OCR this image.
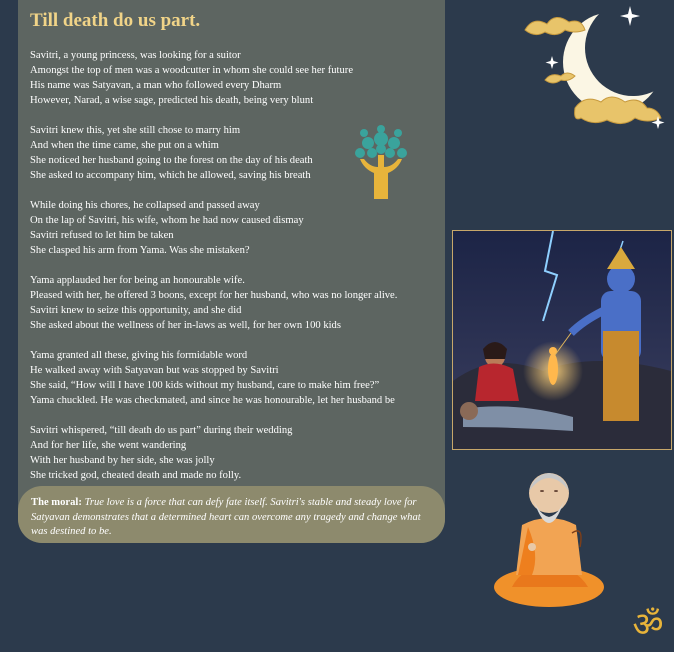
Till death do us part.
Savitri, a young princess, was looking for a suitor
Amongst the top of men was a woodcutter in whom she could see her future
His name was Satyavan, a man who followed every Dharm
However, Narad, a wise sage, predicted his death, being very blunt
Savitri knew this, yet she still chose to marry him
And when the time came, she put on a whim
She noticed her husband going to the forest on the day of his death
She asked to accompany him, which he allowed, saving his breath
While doing his chores, he collapsed and passed away
On the lap of Savitri, his wife, whom he had now caused dismay
Savitri refused to let him be taken
She clasped his arm from Yama. Was she mistaken?
Yama applauded her for being an honourable wife.
Pleased with her, he offered 3 boons, except for her husband, who was no longer alive.
Savitri knew to seize this opportunity, and she did
She asked about the wellness of her in-laws as well, for her own 100 kids
Yama granted all these, giving his formidable word
He walked away with Satyavan but was stopped by Savitri
She said, “How will I have 100 kids without my husband, care to make him free?”
Yama chuckled. He was checkmated, and since he was honourable, let her husband be
Savitri whispered, “till death do us part” during their wedding
And for her life, she went wandering
With her husband by her side, she was jolly
She tricked god, cheated death and made no folly.
The moral: True love is a force that can defy fate itself. Savitri's stable and steady love for Satyavan demonstrates that a determined heart can overcome any tragedy and change what was destined to be.
ॐ
